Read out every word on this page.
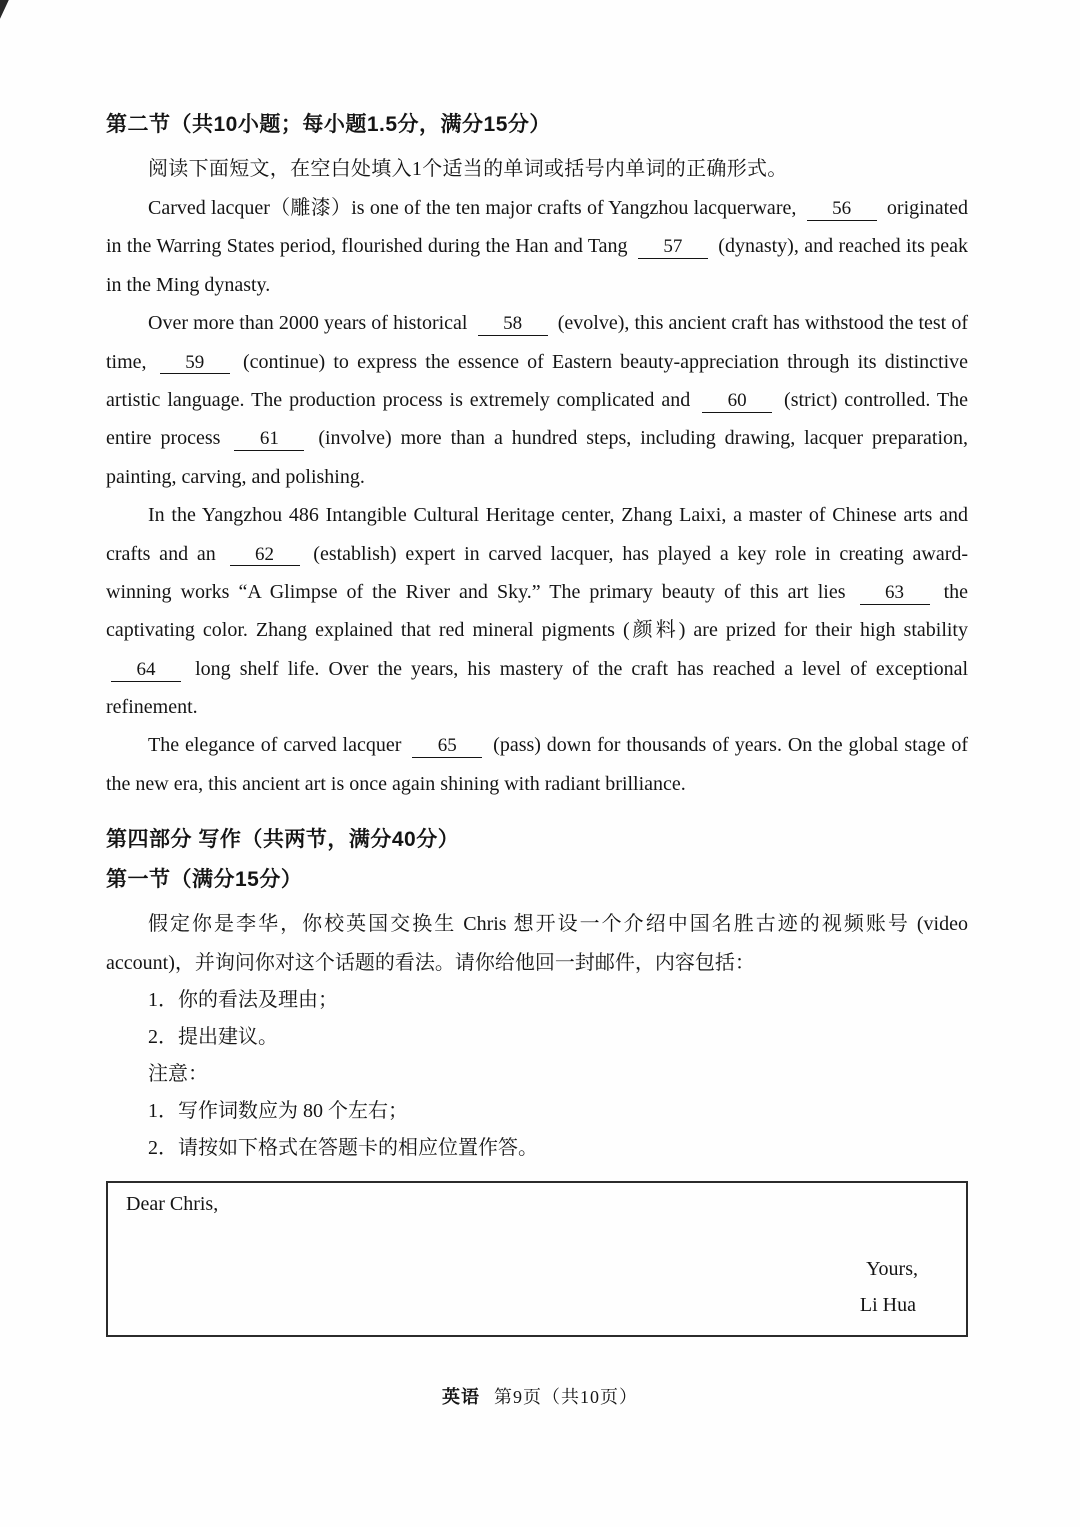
第二节（共10小题；每小题1.5分，满分15分）
阅读下面短文，在空白处填入1个适当的单词或括号内单词的正确形式。

Carved lacquer（雕漆）is one of the ten major crafts of Yangzhou lacquerware, 56 originated in the Warring States period, flourished during the Han and Tang 57 (dynasty), and reached its peak in the Ming dynasty.

Over more than 2000 years of historical 58 (evolve), this ancient craft has withstood the test of time, 59 (continue) to express the essence of Eastern beauty-appreciation through its distinctive artistic language. The production process is extremely complicated and 60 (strict) controlled. The entire process 61 (involve) more than a hundred steps, including drawing, lacquer preparation, painting, carving, and polishing.

In the Yangzhou 486 Intangible Cultural Heritage center, Zhang Laixi, a master of Chinese arts and crafts and an 62 (establish) expert in carved lacquer, has played a key role in creating award-winning works “A Glimpse of the River and Sky.” The primary beauty of this art lies 63 the captivating color. Zhang explained that red mineral pigments (颜料) are prized for their high stability 64 long shelf life. Over the years, his mastery of the craft has reached a level of exceptional refinement.

The elegance of carved lacquer 65 (pass) down for thousands of years. On the global stage of the new era, this ancient art is once again shining with radiant brilliance.

第四部分 写作（共两节，满分40分）
第一节（满分15分）

假定你是李华，你校英国交换生 Chris 想开设一个介绍中国名胜古迹的视频账号 (video account)，并询问你对这个话题的看法。请你给他回一封邮件，内容包括：

1．你的看法及理由；
2．提出建议。
注意：
1．写作词数应为 80 个左右；
2．请按如下格式在答题卡的相应位置作答。
Dear Chris,
Yours,
Li Hua
英语 第9页（共10页）
